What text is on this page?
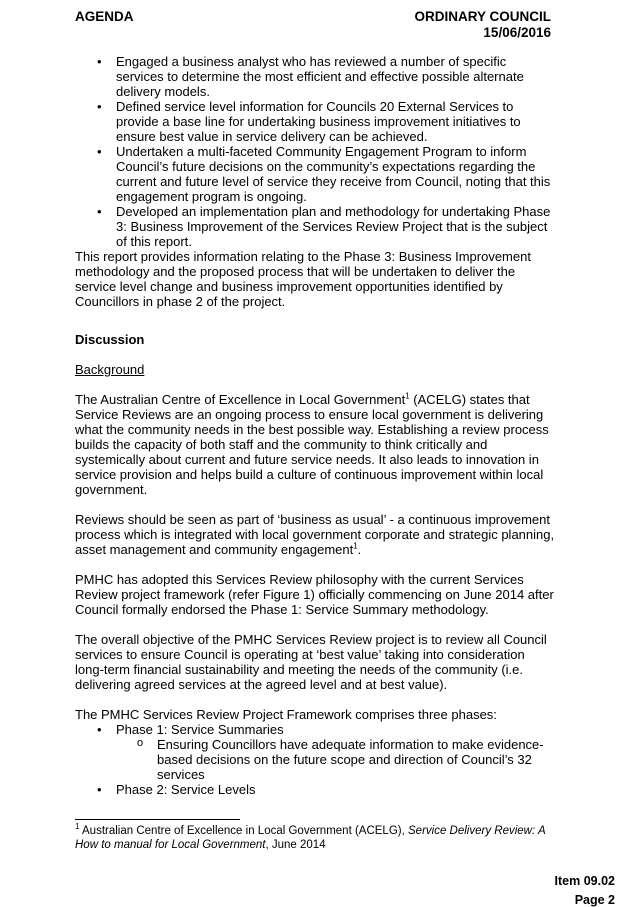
AGENDA	ORDINARY COUNCIL
15/06/2016
• Engaged a business analyst who has reviewed a number of specific services to determine the most efficient and effective possible alternate delivery models.
• Defined service level information for Councils 20 External Services to provide a base line for undertaking business improvement initiatives to ensure best value in service delivery can be achieved.
• Undertaken a multi-faceted Community Engagement Program to inform Council’s future decisions on the community’s expectations regarding the current and future level of service they receive from Council, noting that this engagement program is ongoing.
• Developed an implementation plan and methodology for undertaking Phase 3: Business Improvement of the Services Review Project that is the subject of this report.

This report provides information relating to the Phase 3: Business Improvement methodology and the proposed process that will be undertaken to deliver the service level change and business improvement opportunities identified by Councillors in phase 2 of the project.

Discussion

Background

The Australian Centre of Excellence in Local Government$^1$ (ACELG) states that Service Reviews are an ongoing process to ensure local government is delivering what the community needs in the best possible way. Establishing a review process builds the capacity of both staff and the community to think critically and systemically about current and future service needs. It also leads to innovation in service provision and helps build a culture of continuous improvement within local government.

Reviews should be seen as part of ‘business as usual’ - a continuous improvement process which is integrated with local government corporate and strategic planning, asset management and community engagement$^1$.

PMHC has adopted this Services Review philosophy with the current Services Review project framework (refer Figure 1) officially commencing on June 2014 after Council formally endorsed the Phase 1: Service Summary methodology.

The overall objective of the PMHC Services Review project is to review all Council services to ensure Council is operating at ‘best value’ taking into consideration long-term financial sustainability and meeting the needs of the community (i.e. delivering agreed services at the agreed level and at best value).

The PMHC Services Review Project Framework comprises three phases:

• Phase 1: Service Summaries
o Ensuring Councillors have adequate information to make evidence-based decisions on the future scope and direction of Council’s 32 services
• Phase 2: Service Levels
$^1$ Australian Centre of Excellence in Local Government (ACELG), Service Delivery Review: A How to manual for Local Government, June 2014
Item 09.02
Page 2
